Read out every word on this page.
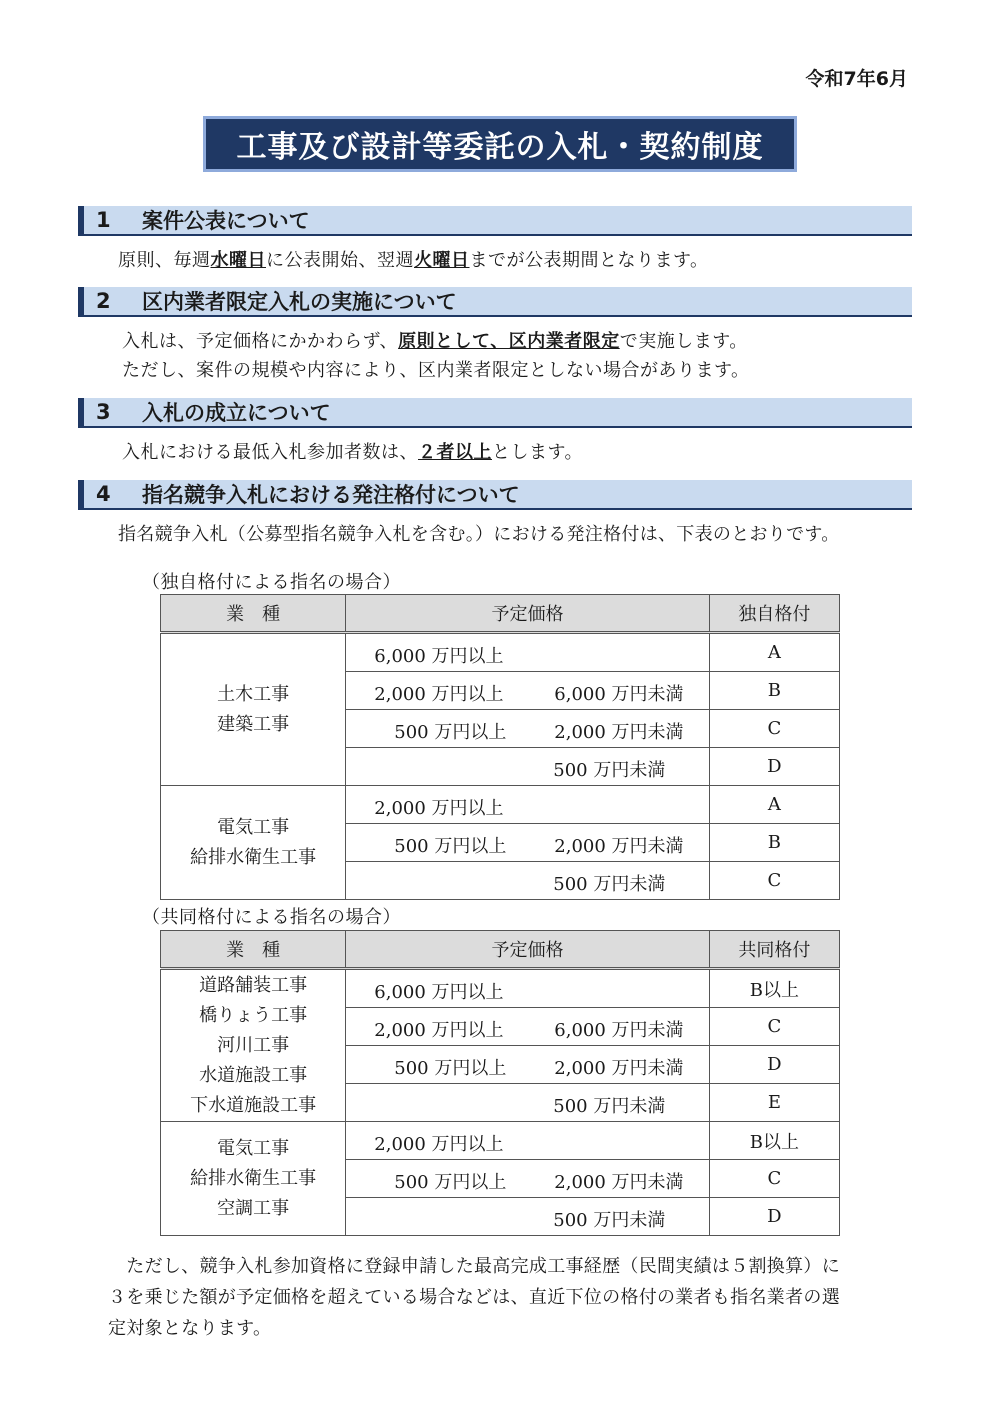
令和7年6月
工事及び設計等委託の入札・契約制度
1	案件公表について
原則、毎週水曜日に公表開始、翌週火曜日までが公表期間となります。
2	区内業者限定入札の実施について
入札は、予定価格にかかわらず、原則として、区内業者限定で実施します。
ただし、案件の規模や内容により、区内業者限定としない場合があります。
3	入札の成立について
入札における最低入札参加者数は、２者以上とします。
4	指名競争入札における発注格付について
指名競争入札（公募型指名競争入札を含む。）における発注格付は、下表のとおりです。
（独自格付による指名の場合）
業　種	予定価格	独自格付

土木工事
建築工事	6,000 万円以上	A

	2,000 万円以上 6,000 万円未満	B

	500 万円以上 2,000 万円未満	C

	500 万円未満	D

電気工事
給排水衛生工事	2,000 万円以上	A

	500 万円以上 2,000 万円未満	B

	500 万円未満	C
（共同格付による指名の場合）
業　種	予定価格	共同格付

道路舗装工事
橋りょう工事
河川工事
水道施設工事
下水道施設工事	6,000 万円以上	B以上

	2,000 万円以上 6,000 万円未満	C

	500 万円以上 2,000 万円未満	D

	500 万円未満	E

電気工事
給排水衛生工事
空調工事	2,000 万円以上	B以上

	500 万円以上 2,000 万円未満	C

	500 万円未満	D
　ただし、競争入札参加資格に登録申請した最高完成工事経歴（民間実績は５割換算）に
３を乗じた額が予定価格を超えている場合などは、直近下位の格付の業者も指名業者の選
定対象となります。
